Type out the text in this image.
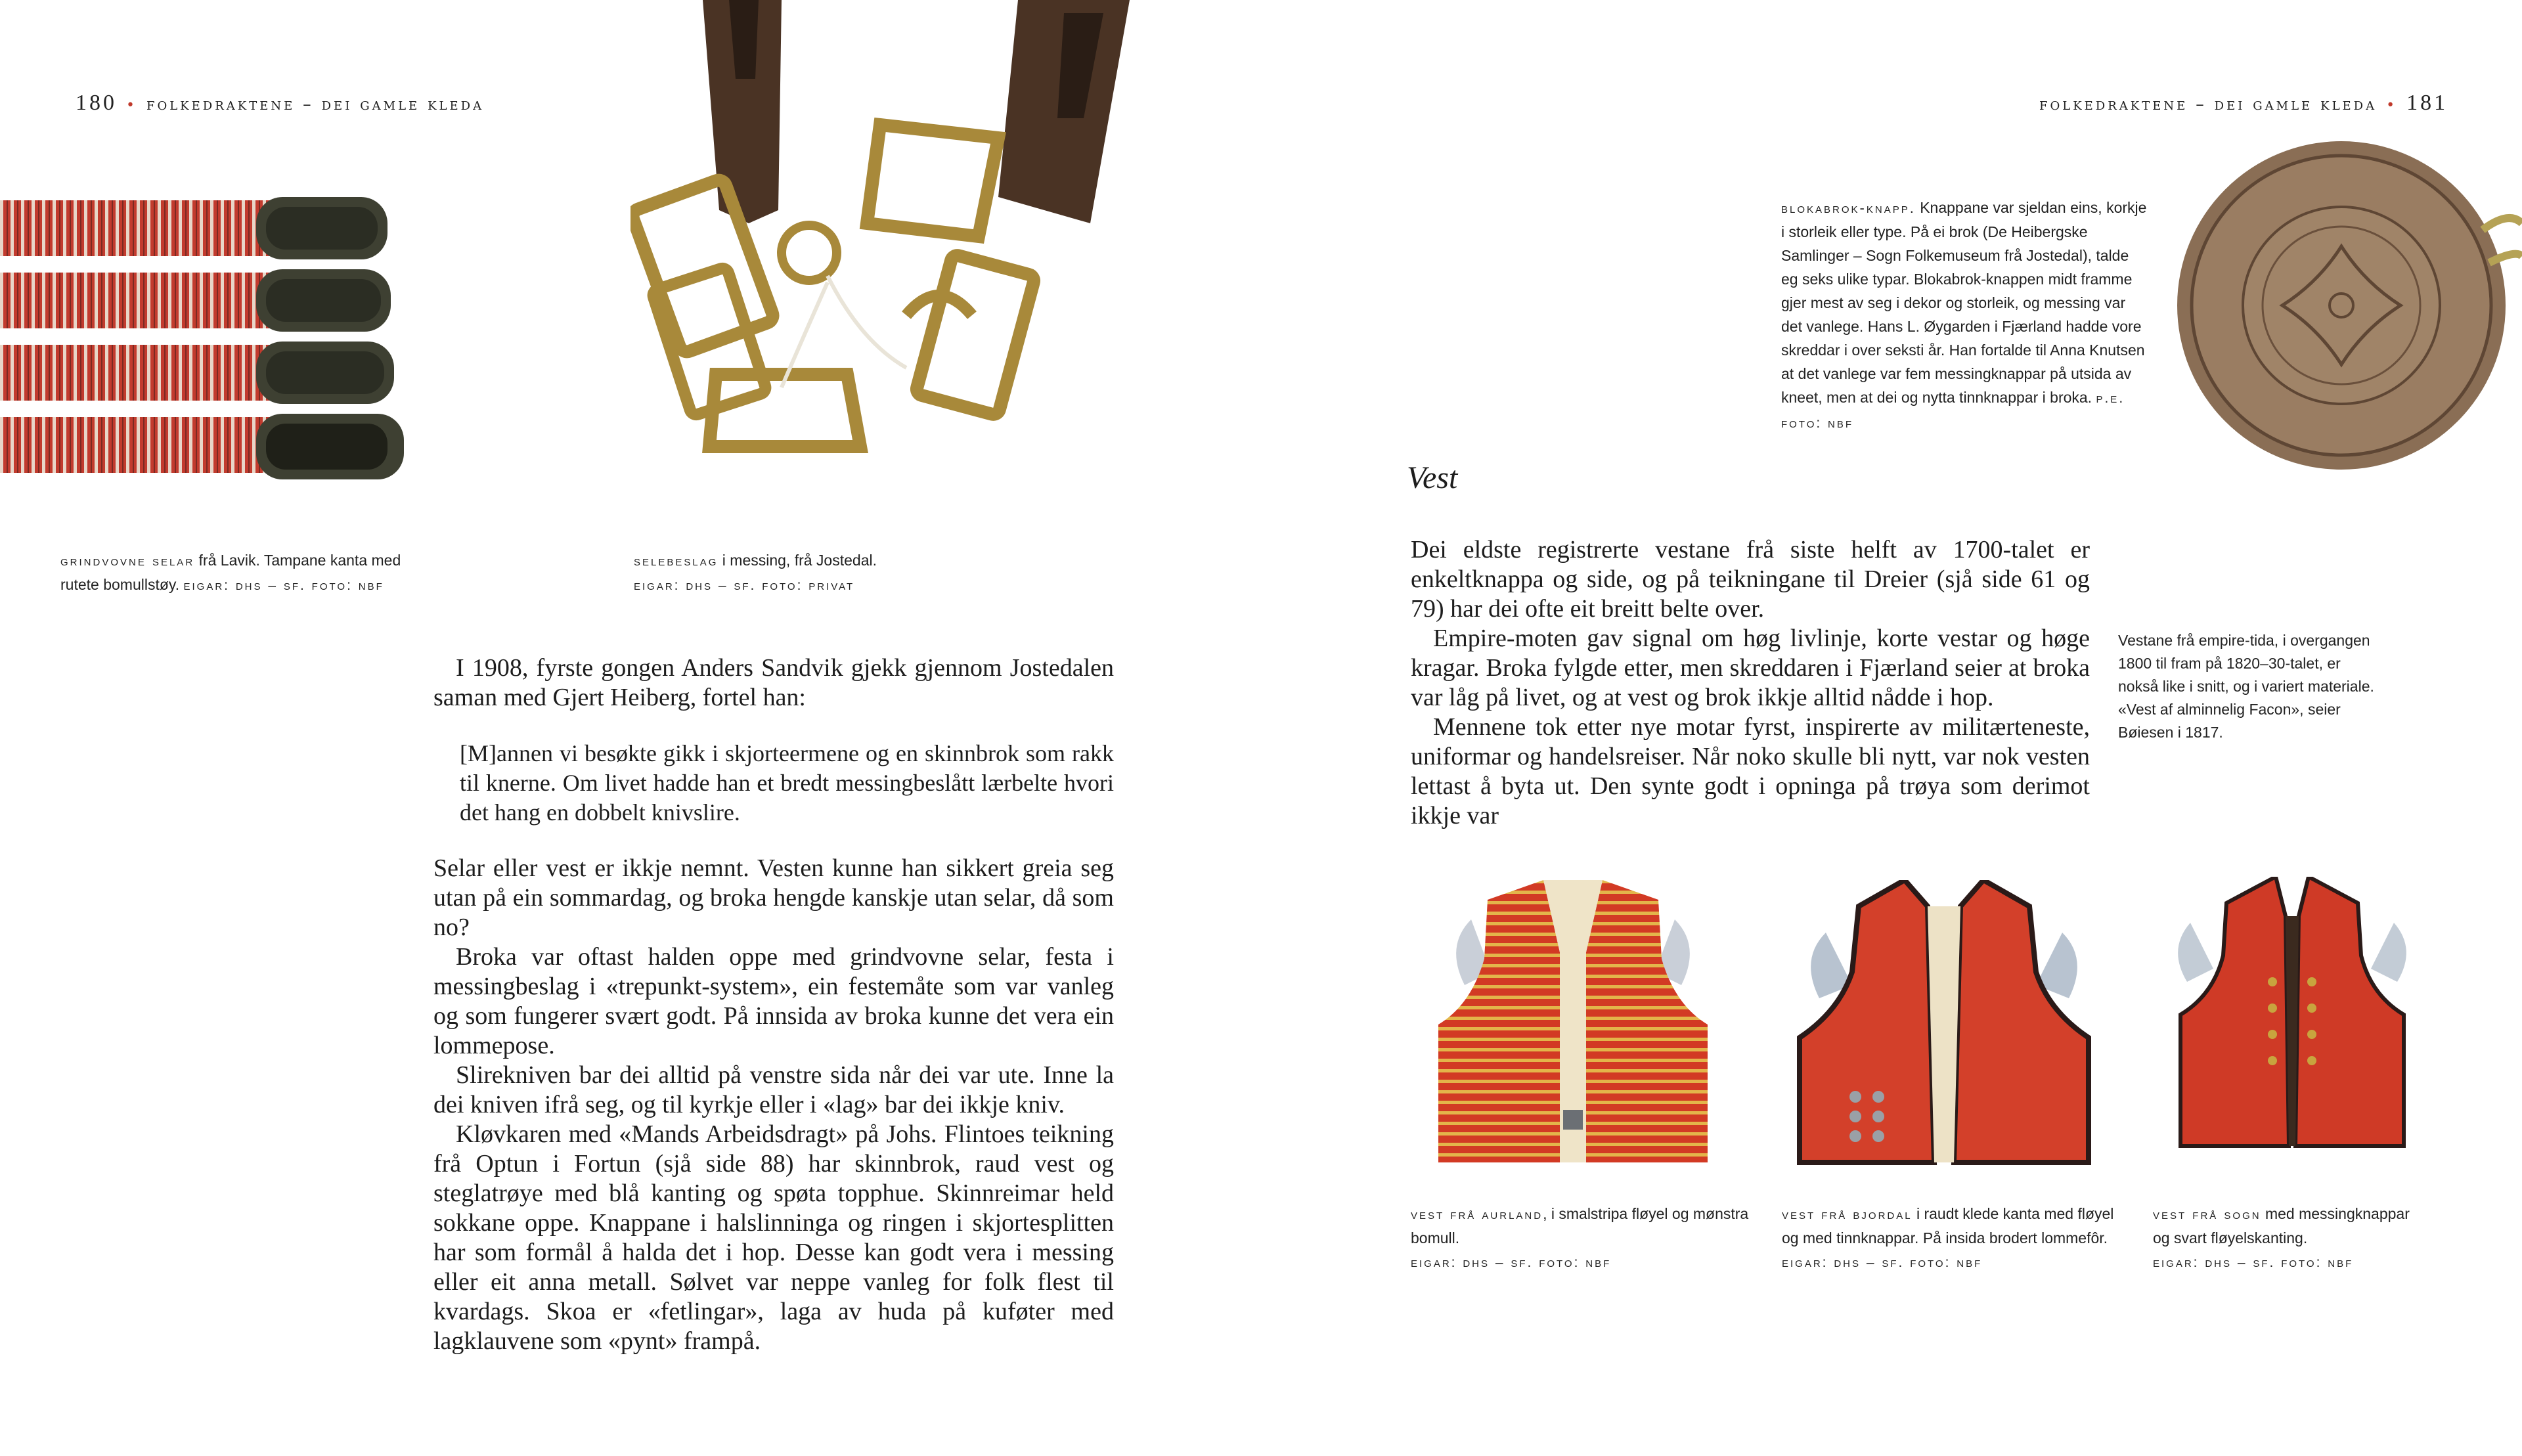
180 • folkedraktene – dei gamle kleda
grindvovne selar frå Lavik. Tampane kanta med rutete bomullstøy. eigar: dhs – sf. foto: nbf
selebeslag i messing, frå Jostedal.
eigar: dhs – sf. foto: privat

I 1908, fyrste gongen Anders Sandvik gjekk gjennom Jostedalen saman med Gjert Heiberg, fortel han:

[M]annen vi besøkte gikk i skjorteermene og en skinnbrok som rakk til knerne. Om livet hadde han et bredt messingbeslått lærbelte hvori det hang en dobbelt knivslire.

Selar eller vest er ikkje nemnt. Vesten kunne han sikkert greia seg utan på ein sommardag, og broka hengde kanskje utan selar, då som no?

Broka var oftast halden oppe med grindvovne selar, festa i messingbeslag i «trepunkt-system», ein festemåte som var vanleg og som fungerer svært godt. På innsida av broka kunne det vera ein lommepose.

Slirekniven bar dei alltid på venstre sida når dei var ute. Inne la dei kniven ifrå seg, og til kyrkje eller i «lag» bar dei ikkje kniv.

Kløvkaren med «Mands Arbeidsdragt» på Johs. Flintoes teikning frå Optun i Fortun (sjå side 88) har skinnbrok, raud vest og steglatrøye med blå kanting og spøta topphue. Skinnreimar held sokkane oppe. Knappane i halslinninga og ringen i skjortesplitten har som formål å halda det i hop. Desse kan godt vera i messing eller eit anna metall. Sølvet var neppe vanleg for folk flest til kvardags. Skoa er «fetlingar», laga av huda på kuføter med lagklauvene som «pynt» frampå.

folkedraktene – dei gamle kleda • 181
blokabrok-knapp. Knappane var sjeldan eins, korkje i storleik eller type. På ei brok (De Heibergske Samlinger – Sogn Folkemuseum frå Jostedal), talde eg seks ulike typar. Blokabrok-knappen midt framme gjer mest av seg i dekor og storleik, og messing var det vanlege. Hans L. Øygarden i Fjærland hadde vore skreddar i over seksti år. Han fortalde til Anna Knutsen at det vanlege var fem messingknappar på utsida av kneet, men at dei og nytta tinnknappar i broka. p.e. foto: nbf
Vest

Dei eldste registrerte vestane frå siste helft av 1700-talet er enkeltknappa og side, og på teikningane til Dreier (sjå side 61 og 79) har dei ofte eit breitt belte over.

Empire-moten gav signal om høg livlinje, korte vestar og høge kragar. Broka fylgde etter, men skreddaren i Fjærland seier at broka var låg på livet, og at vest og brok ikkje alltid nådde i hop.

Mennene tok etter nye motar fyrst, inspirerte av militærteneste, uniformar og handelsreiser. Når noko skulle bli nytt, var nok vesten lettast å byta ut. Den synte godt i opninga på trøya som derimot ikkje var

Vestane frå empire-tida, i overgangen 1800 til fram på 1820–30-talet, er nokså like i snitt, og i variert materiale. «Vest af alminnelig Facon», seier Bøiesen i 1817.
vest frå aurland, i smalstripa fløyel og mønstra bomull.
eigar: dhs – sf. foto: nbf
vest frå bjordal i raudt klede kanta med fløyel og med tinnknappar. På insida brodert lommefôr. eigar: dhs – sf. foto: nbf
vest frå sogn med messingknappar og svart fløyelskanting.
eigar: dhs – sf. foto: nbf
